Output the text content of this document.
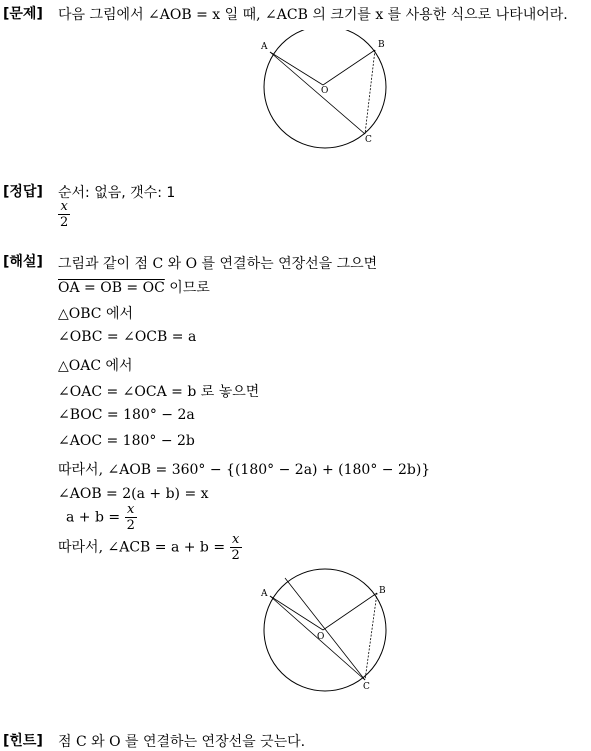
[문제] 다음 그림에서 ∠AOB = x 일 때, ∠ACB 의 크기를 x 를 사용한 식으로 나타내어라.
A	B
C
O
[정답] 순서: 없음, 갯수: 1
$\frac{x}{2}$
[해설] 그림과 같이 점 C 와 O 를 연결하는 연장선을 그으면
OA = OB = OC 이므로
△OBC 에서
∠OBC = ∠OCB = a
△OAC 에서
∠OAC = ∠OCA = b 로 놓으면
∠BOC = 180° − 2a
∠AOC = 180° − 2b
따라서, ∠AOB = 360° − {(180° − 2a) + (180° − 2b)}
∠AOB = 2(a + b) = x
$a + b = \frac{x}{2}$
따라서, ∠ACB = $a + b = \frac{x}{2}$
A	B
C
O
[힌트] 점 C 와 O 를 연결하는 연장선을 긋는다.
